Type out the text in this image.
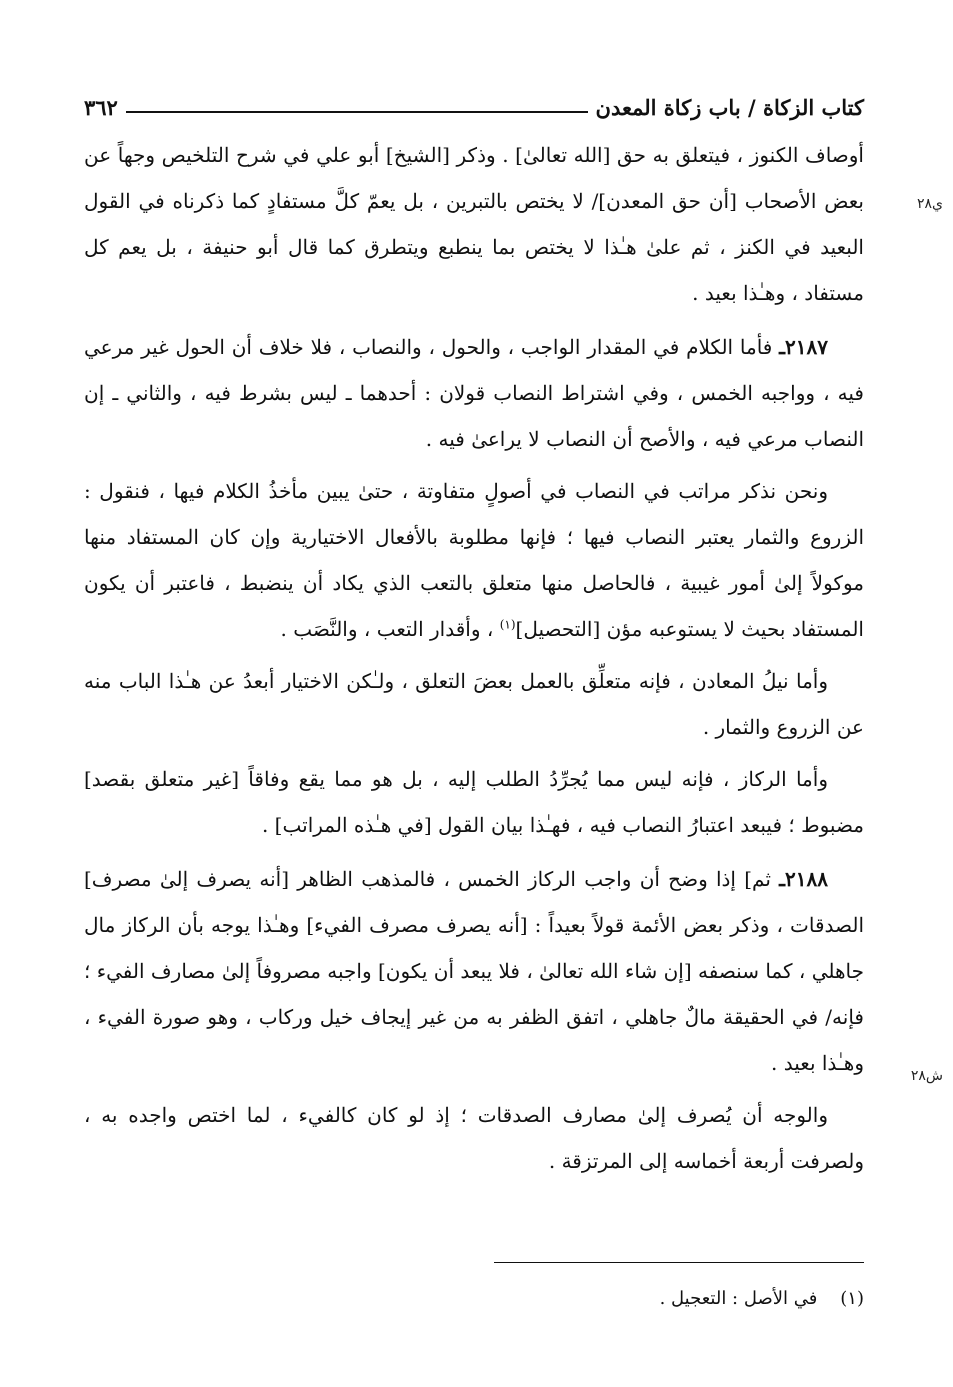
٣٦٢	كتاب الزكاة / باب زكاة المعدن
ي٢٨
ش٢٨

أوصاف الكنوز ، فيتعلق به حق [الله تعالىٰ] . وذكر [الشيخ] أبو علي في شرح التلخيص وجهاً عن بعض الأصحاب [أن حق المعدن]/ لا يختص بالتبرين ، بل يعمّ كلَّ مستفادٍ كما ذكرناه في القول البعيد في الكنز ، ثم علىٰ هـٰذا لا يختص بما ينطبع ويتطرق كما قال أبو حنيفة ، بل يعم كل مستفاد ، وهـٰذا بعيد .

٢١٨٧ـ فأما الكلام في المقدار الواجب ، والحول ، والنصاب ، فلا خلاف أن الحول غير مرعي فيه ، وواجبه الخمس ، وفي اشتراط النصاب قولان : أحدهما ـ ليس بشرط فيه ، والثاني ـ إن النصاب مرعي فيه ، والأصح أن النصاب لا يراعىٰ فيه .

ونحن نذكر مراتب في النصاب في أصولٍ متفاوتة ، حتىٰ يبين مأخذُ الكلام فيها ، فنقول : الزروع والثمار يعتبر النصاب فيها ؛ فإنها مطلوبة بالأفعال الاختيارية وإن كان المستفاد منها موكولاً إلىٰ أمور غيبية ، فالحاصل منها متعلق بالتعب الذي يكاد أن ينضبط ، فاعتبر أن يكون المستفاد بحيث لا يستوعبه مؤن [التحصيل]$^{(١)}$ ، وأقدار التعب ، والنَّصَب .

وأما نيلُ المعادن ، فإنه متعلِّق بالعمل بعضَ التعلق ، ولـٰكن الاختيار أبعدُ عن هـٰذا الباب منه عن الزروع والثمار .

وأما الركاز ، فإنه ليس مما يُجرِّدُ الطلب إليه ، بل هو مما يقع وفاقاً [غير متعلق بقصد] مضبوط ؛ فيبعد اعتبارُ النصاب فيه ، فهـٰذا بيان القول [في هـٰذه المراتب] .

٢١٨٨ـ ثم] إذا وضح أن واجب الركاز الخمس ، فالمذهب الظاهر [أنه يصرف إلىٰ مصرف] الصدقات ، وذكر بعض الأئمة قولاً بعيداً : [أنه يصرف مصرف الفيء] وهـٰذا يوجه بأن الركاز مال جاهلي ، كما سنصفه [إن شاء الله تعالىٰ ، فلا يبعد أن يكون] واجبه مصروفاً إلىٰ مصارف الفيء ؛ فإنه/ في الحقيقة مالٌ جاهلي ، اتفق الظفر به من غير إيجاف خيل وركاب ، وهو صورة الفيء ، وهـٰذا بعيد .

والوجه أن يُصرف إلىٰ مصارف الصدقات ؛ إذ لو كان كالفيء ، لما اختص واجده به ، ولصرفت أربعة أخماسه إلى المرتزقة .

(١)    في الأصل : التعجيل .
